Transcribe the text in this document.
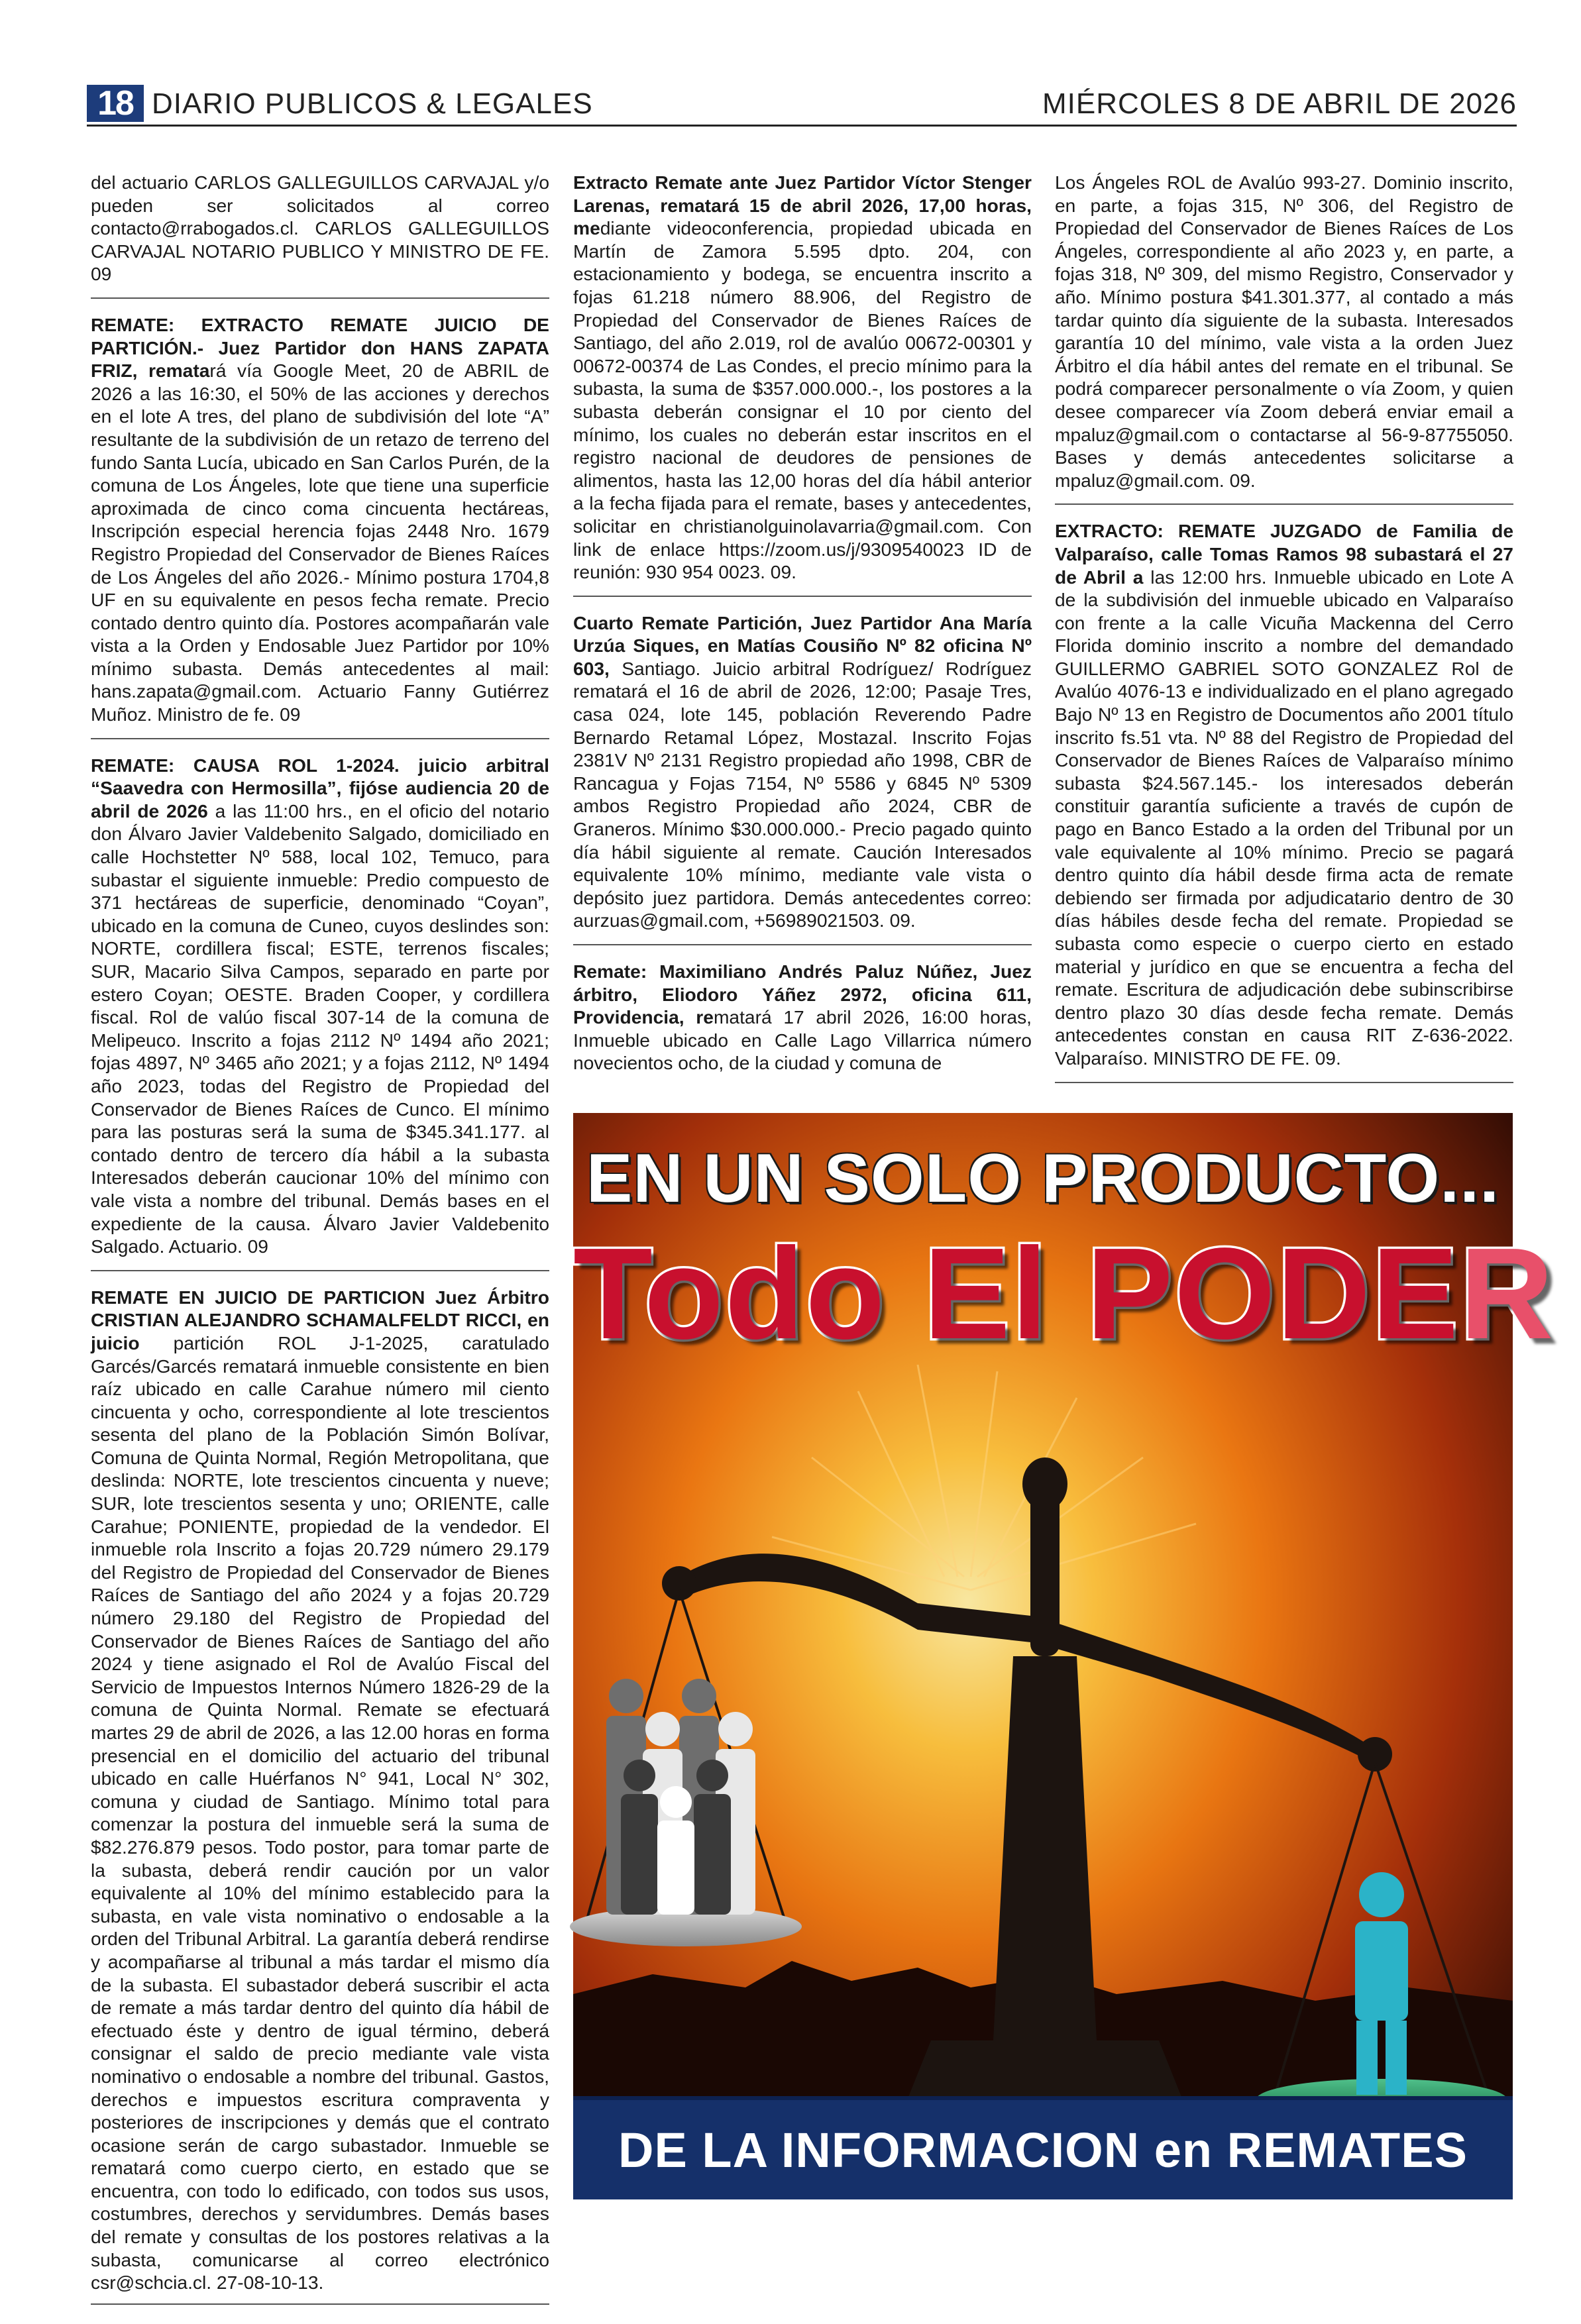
18 DIARIO PUBLICOS & LEGALES	MIÉRCOLES 8 DE ABRIL DE 2026

del actuario CARLOS GALLEGUILLOS CARVAJAL y/o pueden ser solicitados al correo contacto@rrabogados.cl. CARLOS GALLEGUILLOS CARVAJAL NOTARIO PUBLICO Y MINISTRO DE FE. 09

REMATE: EXTRACTO REMATE JUICIO DE PARTICIÓN.- Juez Partidor don HANS ZAPATA FRIZ, rematará vía Google Meet, 20 de ABRIL de 2026 a las 16:30, el 50% de las acciones y derechos en el lote A tres, del plano de subdivisión del lote “A” resultante de la subdivisión de un retazo de terreno del fundo Santa Lucía, ubicado en San Carlos Purén, de la comuna de Los Ángeles, lote que tiene una superficie aproximada de cinco coma cincuenta hectáreas, Inscripción especial herencia fojas 2448 Nro. 1679 Registro Propiedad del Conservador de Bienes Raíces de Los Ángeles del año 2026.- Mínimo postura 1704,8 UF en su equivalente en pesos fecha remate. Precio contado dentro quinto día. Postores acompañarán vale vista a la Orden y Endosable Juez Partidor por 10% mínimo subasta. Demás antecedentes al mail: hans.zapata@gmail.com. Actuario Fanny Gutiérrez Muñoz. Ministro de fe. 09

REMATE: CAUSA ROL 1-2024. juicio arbitral “Saavedra con Hermosilla”, fijóse audiencia 20 de abril de 2026 a las 11:00 hrs., en el oficio del notario don Álvaro Javier Valdebenito Salgado, domiciliado en calle Hochstetter Nº 588, local 102, Temuco, para subastar el siguiente inmueble: Predio compuesto de 371 hectáreas de superficie, denominado “Coyan”, ubicado en la comuna de Cuneo, cuyos deslindes son: NORTE, cordillera fiscal; ESTE, terrenos fiscales; SUR, Macario Silva Campos, separado en parte por estero Coyan; OESTE. Braden Cooper, y cordillera fiscal. Rol de valúo fiscal 307-14 de la comuna de Melipeuco. Inscrito a fojas 2112 Nº 1494 año 2021; fojas 4897, Nº 3465 año 2021; y a fojas 2112, Nº 1494 año 2023, todas del Registro de Propiedad del Conservador de Bienes Raíces de Cunco. El mínimo para las posturas será la suma de $345.341.177. al contado dentro de tercero día hábil a la subasta Interesados deberán caucionar 10% del mínimo con vale vista a nombre del tribunal. Demás bases en el expediente de la causa. Álvaro Javier Valdebenito Salgado. Actuario. 09

REMATE EN JUICIO DE PARTICION Juez Árbitro CRISTIAN ALEJANDRO SCHAMALFELDT RICCI, en juicio partición ROL J-1-2025, caratulado Garcés/Garcés rematará inmueble consistente en bien raíz ubicado en calle Carahue número mil ciento cincuenta y ocho, correspondiente al lote trescientos sesenta del plano de la Población Simón Bolívar, Comuna de Quinta Normal, Región Metropolitana, que deslinda: NORTE, lote trescientos cincuenta y nueve; SUR, lote trescientos sesenta y uno; ORIENTE, calle Carahue; PONIENTE, propiedad de la vendedor. El inmueble rola Inscrito a fojas 20.729 número 29.179 del Registro de Propiedad del Conservador de Bienes Raíces de Santiago del año 2024 y a fojas 20.729 número 29.180 del Registro de Propiedad del Conservador de Bienes Raíces de Santiago del año 2024 y tiene asignado el Rol de Avalúo Fiscal del Servicio de Impuestos Internos Número 1826-29 de la comuna de Quinta Normal. Remate se efectuará martes 29 de abril de 2026, a las 12.00 horas en forma presencial en el domicilio del actuario del tribunal ubicado en calle Huérfanos N° 941, Local N° 302, comuna y ciudad de Santiago. Mínimo total para comenzar la postura del inmueble será la suma de $82.276.879 pesos. Todo postor, para tomar parte de la subasta, deberá rendir caución por un valor equivalente al 10% del mínimo establecido para la subasta, en vale vista nominativo o endosable a la orden del Tribunal Arbitral. La garantía deberá rendirse y acompañarse al tribunal a más tardar el mismo día de la subasta. El subastador deberá suscribir el acta de remate a más tardar dentro del quinto día hábil de efectuado éste y dentro de igual término, deberá consignar el saldo de precio mediante vale vista nominativo o endosable a nombre del tribunal. Gastos, derechos e impuestos escritura compraventa y posteriores de inscripciones y demás que el contrato ocasione serán de cargo subastador. Inmueble se rematará como cuerpo cierto, en estado que se encuentra, con todo lo edificado, con todos sus usos, costumbres, derechos y servidumbres. Demás bases del remate y consultas de los postores relativas a la subasta, comunicarse al correo electrónico csr@schcia.cl. 27-08-10-13.

Extracto Remate ante Juez Partidor Víctor Stenger Larenas, rematará 15 de abril 2026, 17,00 horas, mediante videoconferencia, propiedad ubicada en Martín de Zamora 5.595 dpto. 204, con estacionamiento y bodega, se encuentra inscrito a fojas 61.218 número 88.906, del Registro de Propiedad del Conservador de Bienes Raíces de Santiago, del año 2.019, rol de avalúo 00672-00301 y 00672-00374 de Las Condes, el precio mínimo para la subasta, la suma de $357.000.000.-, los postores a la subasta deberán consignar el 10 por ciento del mínimo, los cuales no deberán estar inscritos en el registro nacional de deudores de pensiones de alimentos, hasta las 12,00 horas del día hábil anterior a la fecha fijada para el remate, bases y antecedentes, solicitar en christianolguinolavarria@gmail.com. Con link de enlace https://zoom.us/j/9309540023 ID de reunión: 930 954 0023. 09.

Cuarto Remate Partición, Juez Partidor Ana María Urzúa Siques, en Matías Cousiño Nº 82 oficina Nº 603, Santiago. Juicio arbitral Rodríguez/ Rodríguez rematará el 16 de abril de 2026, 12:00; Pasaje Tres, casa 024, lote 145, población Reverendo Padre Bernardo Retamal López, Mostazal. Inscrito Fojas 2381V Nº 2131 Registro propiedad año 1998, CBR de Rancagua y Fojas 7154, Nº 5586 y 6845 Nº 5309 ambos Registro Propiedad año 2024, CBR de Graneros. Mínimo $30.000.000.- Precio pagado quinto día hábil siguiente al remate. Caución Interesados equivalente 10% mínimo, mediante vale vista o depósito juez partidora. Demás antecedentes correo: aurzuas@gmail.com, +56989021503. 09.

Remate: Maximiliano Andrés Paluz Núñez, Juez árbitro, Eliodoro Yáñez 2972, oficina 611, Providencia, rematará 17 abril 2026, 16:00 horas, Inmueble ubicado en Calle Lago Villarrica número novecientos ocho, de la ciudad y comuna de

Los Ángeles ROL de Avalúo 993-27. Dominio inscrito, en parte, a fojas 315, Nº 306, del Registro de Propiedad del Conservador de Bienes Raíces de Los Ángeles, correspondiente al año 2023 y, en parte, a fojas 318, Nº 309, del mismo Registro, Conservador y año. Mínimo postura $41.301.377, al contado a más tardar quinto día siguiente de la subasta. Interesados garantía 10 del mínimo, vale vista a la orden Juez Árbitro el día hábil antes del remate en el tribunal. Se podrá comparecer personalmente o vía Zoom, y quien desee comparecer vía Zoom deberá enviar email a mpaluz@gmail.com o contactarse al 56-9-87755050. Bases y demás antecedentes solicitarse a mpaluz@gmail.com. 09.

EXTRACTO: REMATE JUZGADO de Familia de Valparaíso, calle Tomas Ramos 98 subastará el 27 de Abril a las 12:00 hrs. Inmueble ubicado en Lote A de la subdivisión del inmueble ubicado en Valparaíso con frente a la calle Vicuña Mackenna del Cerro Florida dominio inscrito a nombre del demandado GUILLERMO GABRIEL SOTO GONZALEZ Rol de Avalúo 4076-13 e individualizado en el plano agregado Bajo Nº 13 en Registro de Documentos año 2001 título inscrito fs.51 vta. Nº 88 del Registro de Propiedad del Conservador de Bienes Raíces de Valparaíso mínimo subasta $24.567.145.- los interesados deberán constituir garantía suficiente a través de cupón de pago en Banco Estado a la orden del Tribunal por un vale equivalente al 10% mínimo. Precio se pagará dentro quinto día hábil desde firma acta de remate debiendo ser firmada por adjudicatario dentro de 30 días hábiles desde fecha del remate. Propiedad se subasta como especie o cuerpo cierto en estado material y jurídico en que se encuentra a fecha del remate. Escritura de adjudicación debe subinscribirse dentro plazo 30 días desde fecha remate. Demás antecedentes constan en causa RIT Z-636-2022. Valparaíso. MINISTRO DE FE. 09.

EN UN SOLO PRODUCTO...
Todo El PODER
DE LA INFORMACION en REMATES
